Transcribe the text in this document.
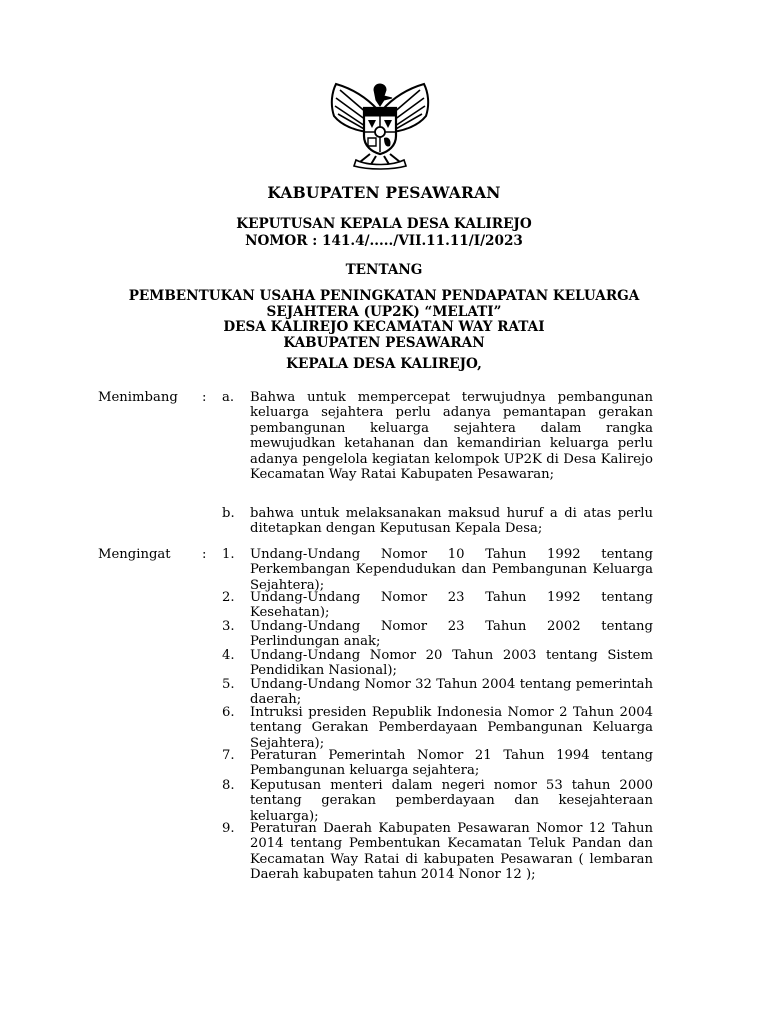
KABUPATEN PESAWARAN
KEPUTUSAN KEPALA DESA KALIREJO
NOMOR : 141.4/...../VII.11.11/I/2023
TENTANG
PEMBENTUKAN USAHA PENINGKATAN PENDAPATAN KELUARGA
SEJAHTERA (UP2K) “MELATI”
DESA KALIREJO KECAMATAN WAY RATAI
KABUPATEN PESAWARAN
KEPALA DESA KALIREJO,
Menimbang : a. Bahwa untuk mempercepat terwujudnya pembangunan keluarga sejahtera perlu adanya pemantapan gerakan pembangunan keluarga sejahtera dalam rangka mewujudkan ketahanan dan kemandirian keluarga perlu adanya pengelola kegiatan kelompok UP2K di Desa Kalirejo Kecamatan Way Ratai Kabupaten Pesawaran;
b. bahwa untuk melaksanakan maksud huruf a di atas perlu ditetapkan dengan Keputusan Kepala Desa;
Mengingat : 1. Undang-Undang Nomor 10 Tahun 1992 tentang Perkembangan Kependudukan dan Pembangunan Keluarga Sejahtera);
2. Undang-Undang Nomor 23 Tahun 1992 tentang Kesehatan);
3. Undang-Undang Nomor 23 Tahun 2002 tentang Perlindungan anak;
4. Undang-Undang Nomor 20 Tahun 2003 tentang Sistem Pendidikan Nasional);
5. Undang-Undang Nomor 32 Tahun 2004 tentang pemerintah daerah;
6. Intruksi presiden Republik Indonesia Nomor 2 Tahun 2004 tentang Gerakan Pemberdayaan Pembangunan Keluarga Sejahtera);
7. Peraturan Pemerintah Nomor 21 Tahun 1994 tentang Pembangunan keluarga sejahtera;
8. Keputusan menteri dalam negeri nomor 53 tahun 2000 tentang gerakan pemberdayaan dan kesejahteraan keluarga);
9. Peraturan Daerah Kabupaten Pesawaran Nomor 12 Tahun 2014 tentang Pembentukan Kecamatan Teluk Pandan dan Kecamatan Way Ratai di kabupaten Pesawaran ( lembaran Daerah kabupaten tahun 2014 Nonor 12 );
